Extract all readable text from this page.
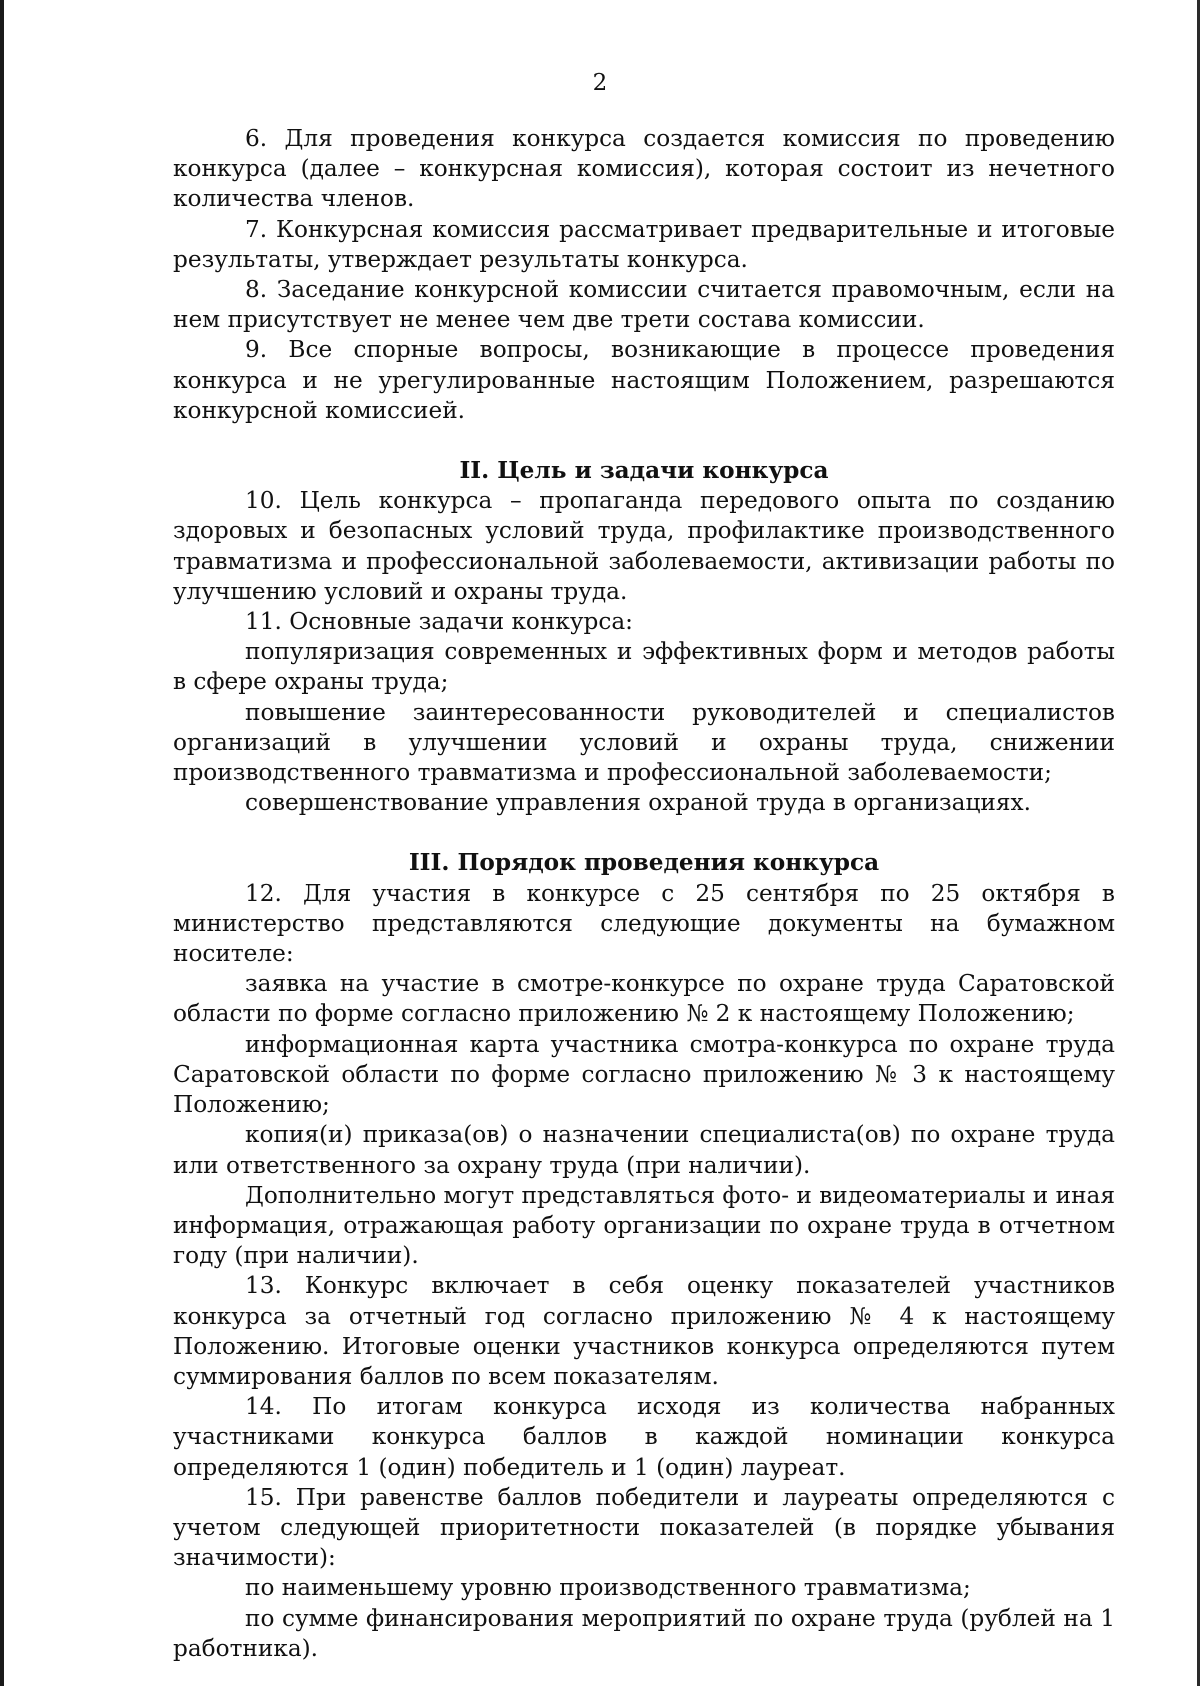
2

6. Для проведения конкурса создается комиссия по проведению конкурса (далее – конкурсная комиссия), которая состоит из нечетного количества членов.

7. Конкурсная комиссия рассматривает предварительные и итоговые результаты, утверждает результаты конкурса.

8. Заседание конкурсной комиссии считается правомочным, если на нем присутствует не менее чем две трети состава комиссии.

9. Все спорные вопросы, возникающие в процессе проведения конкурса и не урегулированные настоящим Положением, разрешаются конкурсной комиссией.

II. Цель и задачи конкурса

10. Цель конкурса – пропаганда передового опыта по созданию здоровых и безопасных условий труда, профилактике производственного травматизма и профессиональной заболеваемости, активизации работы по улучшению условий и охраны труда.

11. Основные задачи конкурса:

популяризация современных и эффективных форм и методов работы в сфере охраны труда;

повышение заинтересованности руководителей и специалистов организаций в улучшении условий и охраны труда, снижении производственного травматизма и профессиональной заболеваемости;

совершенствование управления охраной труда в организациях.

III. Порядок проведения конкурса

12. Для участия в конкурсе с 25 сентября по 25 октября в министерство представляются следующие документы на бумажном носителе:

заявка на участие в смотре-конкурсе по охране труда Саратовской области по форме согласно приложению № 2 к настоящему Положению;

информационная карта участника смотра-конкурса по охране труда Саратовской области по форме согласно приложению № 3 к настоящему Положению;

копия(и) приказа(ов) о назначении специалиста(ов) по охране труда или ответственного за охрану труда (при наличии).

Дополнительно могут представляться фото- и видеоматериалы и иная информация, отражающая работу организации по охране труда в отчетном году (при наличии).

13. Конкурс включает в себя оценку показателей участников конкурса за отчетный год согласно приложению № 4 к настоящему Положению. Итоговые оценки участников конкурса определяются путем суммирования баллов по всем показателям.

14. По итогам конкурса исходя из количества набранных участниками конкурса баллов в каждой номинации конкурса определяются 1 (один) победитель и 1 (один) лауреат.

15. При равенстве баллов победители и лауреаты определяются с учетом следующей приоритетности показателей (в порядке убывания значимости):

по наименьшему уровню производственного травматизма;

по сумме финансирования мероприятий по охране труда (рублей на 1 работника).
